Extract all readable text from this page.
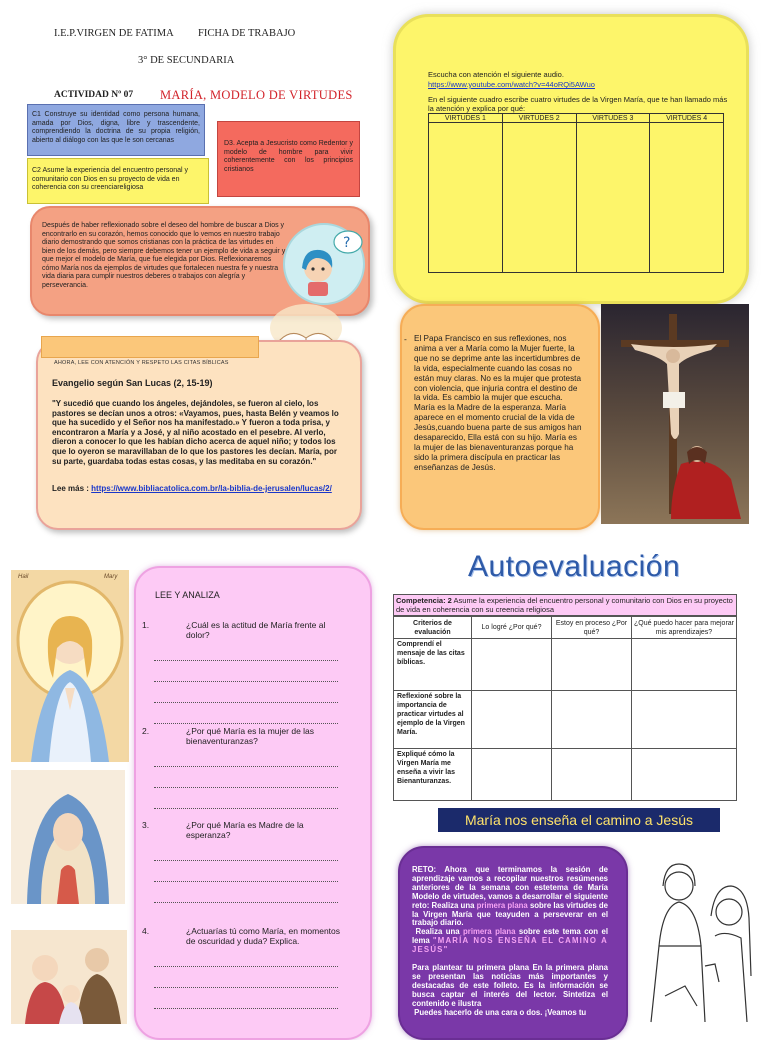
I.E.P.VIRGEN DE FATIMA FICHA DE TRABAJO
3° DE SECUNDARIA
ACTIVIDAD Nº 07 MARÍA, MODELO DE VIRTUDES
C1 Construye su identidad como persona humana, amada por Dios, digna, libre y trascendente, comprendiendo la doctrina de su propia religión, abierto al diálogo con las que le son cercanas
C2 Asume la experiencia del encuentro personal y comunitario con Dios en su proyecto de vida en coherencia con su creenciareligiosa
D3. Acepta a Jesucristo como Redentor y modelo de hombre para vivir coherentemente con los principios cristianos
Después de haber reflexionado sobre el deseo del hombre de buscar a Dios y encontrarlo en su corazón, hemos conocido que lo vemos en nuestro trabajo diario demostrando que somos cristianas con la práctica de las virtudes en bien de los demás, pero siempre debemos tener un ejemplo de vida a seguir y que mejor el modelo de María, que fue elegida por Dios. Reflexionaremos cómo María nos da ejemplos de virtudes que fortalecen nuestra fe y nuestra vida diaria para cumplir nuestros deberes o trabajos con alegría y perseverancia.
?
Escucha con atención el siguiente audio.
https://www.youtube.com/watch?v=44oRQi5AWuo
En el siguiente cuadro escribe cuatro virtudes de la Virgen María, que te han llamado más la atención y explica por qué:
VIRTUDES 1	VIRTUDES 2	VIRTUDES 3	VIRTUDES 4

AHORA, LEE CON ATENCIÓN Y RESPETO LAS CITAS BÍBLICAS
Evangelio según San Lucas (2, 15-19)
"Y sucedió que cuando los ángeles, dejándoles, se fueron al cielo, los pastores se decían unos a otros: «Vayamos, pues, hasta Belén y veamos lo que ha sucedido y el Señor nos ha manifestado.» Y fueron a toda prisa, y encontraron a María y a José, y al niño acostado en el pesebre. Al verlo, dieron a conocer lo que les habían dicho acerca de aquel niño; y todos los que lo oyeron se maravillaban de lo que los pastores les decían. María, por su parte, guardaba todas estas cosas, y las meditaba en su corazón."
Lee más : https://www.bibliacatolica.com.br/la-biblia-de-jerusalen/lucas/2/
- El Papa Francisco en sus reflexiones, nos anima a ver a María como la Mujer fuerte, la que no se deprime ante las incertidumbres de la vida, especialmente cuando las cosas no están muy claras. No es la mujer que protesta con violencia, que injuria contra el destino de la vida. Es cambio la mujer que escucha. María es la Madre de la esperanza. María aparece en el momento crucial de la vida de Jesús,cuando buena parte de sus amigos han desaparecido, Ella está con su hijo. María es la mujer de las bienaventuranzas porque ha sido la primera discípula en practicar las enseñanzas de Jesús.
Hail	Mary
LEE Y ANALIZA
1.	¿Cuál es la actitud de María frente al dolor?
2.	¿Por qué María es la mujer de las bienaventuranzas?
3.	¿Por qué María es Madre de la esperanza?
4.	¿Actuarías tú como María, en momentos de oscuridad y duda? Explica.
Autoevaluación
Competencia: 2 Asume la experiencia del encuentro personal y comunitario con Dios en su proyecto de vida en coherencia con su creencia religiosa
Criterios de evaluación	Lo logré ¿Por qué?	Estoy en proceso ¿Por qué?	¿Qué puedo hacer para mejorar mis aprendizajes?
Comprendí el mensaje de las citas bíblicas.			
Reflexioné sobre la importancia de practicar virtudes al ejemplo de la Virgen María.			
Expliqué cómo la Virgen María me enseña a vivir las Bienanturanzas.			
María nos enseña el camino a Jesús
RETO: Ahora que terminamos la sesión de aprendizaje vamos a recopilar nuestros resúmenes anteriores de la semana con estetema de María Modelo de virtudes, vamos a desarrollar el siguiente reto: Realiza una primera plana sobre las virtudes de la Virgen María que teayuden a perseverar en el trabajo diario.
Realiza una primera plana sobre este tema con el lema "MARÍA NOS ENSEÑA EL CAMINO A JESÚS"

Para plantear tu primera plana En la primera plana se presentan las noticias más importantes y destacadas de este folleto. Es la información se busca captar el interés del lector. Sintetiza el contenido e ilustra
Puedes hacerlo de una cara o dos. ¡Veamos tu
